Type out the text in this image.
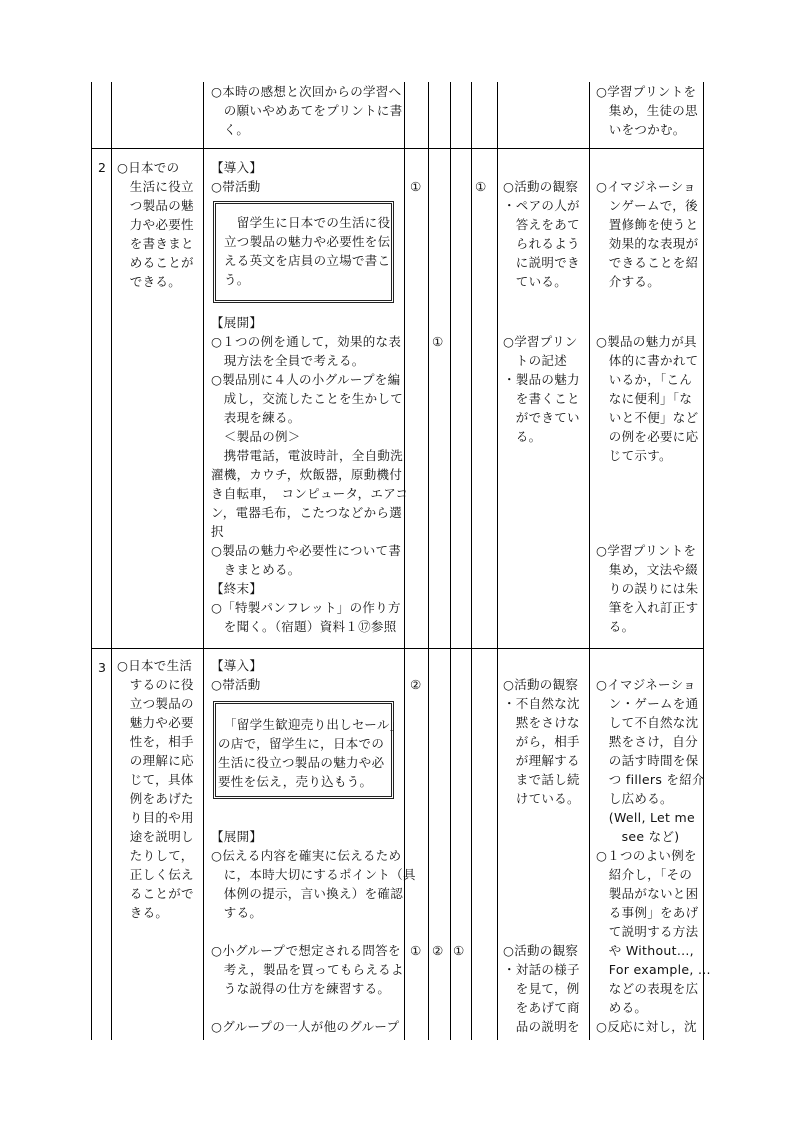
○本時の感想と次回からの学習へ
　の願いやめあてをプリントに書
　く。
○学習プリントを
　集め，生徒の思
　いをつかむ。
2 ○日本での
　生活に役立
　つ製品の魅
　力や必要性
　を書きまと
　めることが
　できる。
【導入】
○帯活動
　留学生に日本での生活に役
立つ製品の魅力や必要性を伝
える英文を店員の立場で書こ
う。
【展開】
○１つの例を通して，効果的な表
　現方法を全員で考える。
○製品別に４人の小グループを編
　成し，交流したことを生かして
　表現を練る。
　＜製品の例＞
　携帯電話，電波時計，全自動洗
濯機，カウチ，炊飯器，原動機付
き自転車，　コンピュータ，エアコ
ン，電器毛布，こたつなどから選
択
○製品の魅力や必要性について書
　きまとめる。
【終末】
○「特製パンフレット」の作り方
　を聞く。（宿題）資料１⑰参照
①	①
①
○活動の観察
・ペアの人が
　答えをあて
　られるよう
　に説明でき
　ている。
○学習プリン
　トの記述
・製品の魅力
　を書くこと
　ができてい
　る。
○イマジネーショ
　ンゲームで，後
　置修飾を使うと
　効果的な表現が
　できることを紹
　介する。
○製品の魅力が具
　体的に書かれて
　いるか，「こん
　なに便利」「な
　いと不便」など
　の例を必要に応
　じて示す。
○学習プリントを
　集め，文法や綴
　りの誤りには朱
　筆を入れ訂正す
　る。
3 ○日本で生活
　するのに役
　立つ製品の
　魅力や必要
　性を，相手
　の理解に応
　じて，具体
　例をあげた
　り目的や用
　途を説明し
　たりして，
　正しく伝え
　ることがで
　きる。
【導入】
○帯活動
「留学生歓迎売り出しセール」
の店で，留学生に，日本での
生活に役立つ製品の魅力や必
要性を伝え，売り込もう。
【展開】
○伝える内容を確実に伝えるため
　に，本時大切にするポイント（具
　体例の提示，言い換え）を確認
　する。
○小グループで想定される問答を
　考え，製品を買ってもらえるよ
　うな説得の仕方を練習する。
○グループの一人が他のグループ
②
① ② ①
○活動の観察
・不自然な沈
　黙をさけな
　がら，相手
　が理解する
　まで話し続
　けている。
○活動の観察
・対話の様子
　を見て，例
　をあげて商
　品の説明を
○イマジネーショ
　ン・ゲームを通
　して不自然な沈
　黙をさけ，自分
　の話す時間を保
　つ fillers を紹介
　し広める。
　(Well, Let me
　　see など)
○１つのよい例を
　紹介し，「その
　製品がないと困
　る事例」をあげ
　て説明する方法
　や Without...,
　For example, ...
　などの表現を広
　める。
○反応に対し，沈
